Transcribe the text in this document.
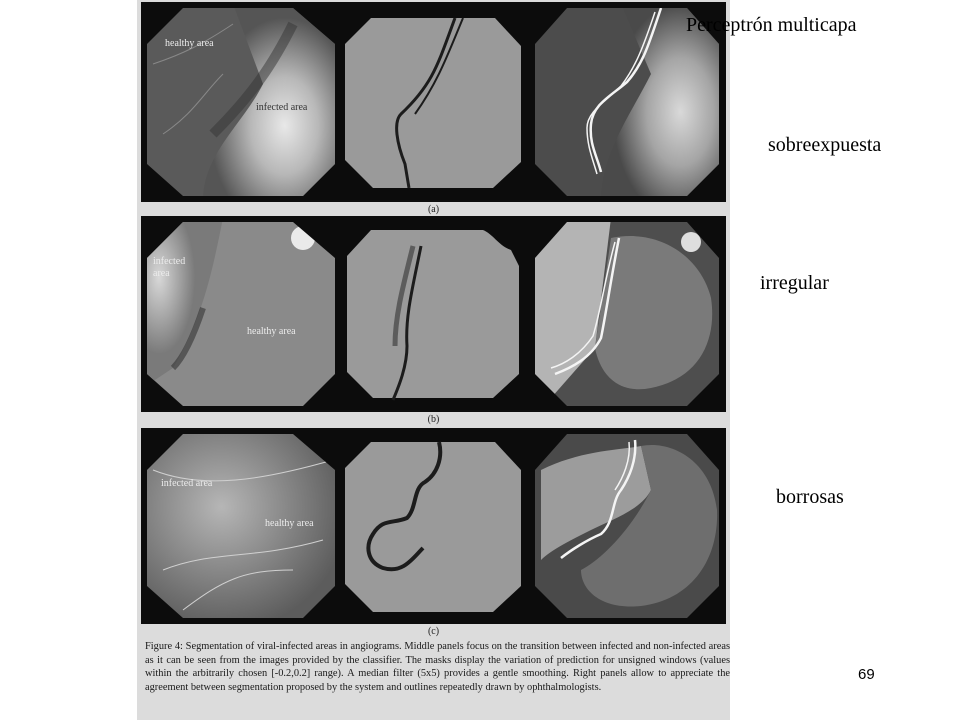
healthy area
infected area
(a)
infected
area
healthy area
(b)
infected area
healthy area
(c)
Figure 4: Segmentation of viral-infected areas in angiograms. Middle panels focus on the transition between infected and non-infected areas as it can be seen from the images provided by the classifier. The masks display the variation of prediction for unsigned windows (values within the arbitrarily chosen [-0.2,0.2] range). A median filter (5x5) provides a gentle smoothing. Right panels allow to appreciate the agreement between segmentation proposed by the system and outlines repeatedly drawn by ophthalmologists.
Perceptrón multicapa
sobreexpuesta
irregular
borrosas
69
